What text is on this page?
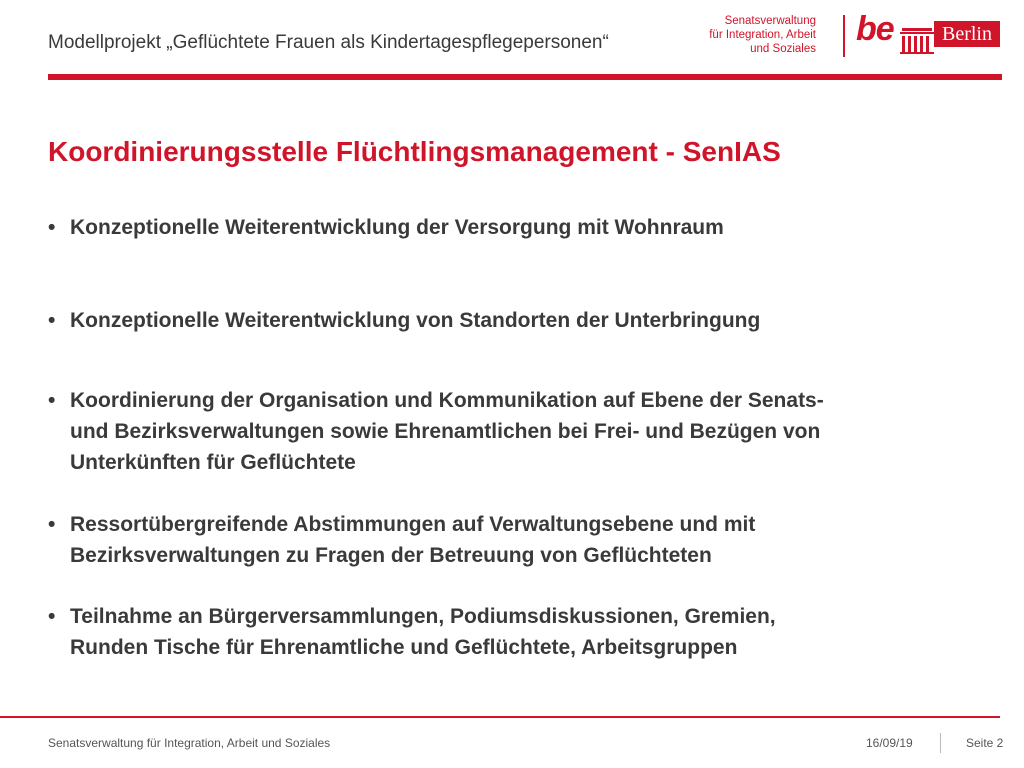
Modellprojekt „Geflüchtete Frauen als Kindertagespflegepersonen“
Senatsverwaltung
für Integration, Arbeit
und Soziales
be	Berlin
Koordinierungsstelle Flüchtlingsmanagement - SenIAS
• Konzeptionelle Weiterentwicklung der Versorgung mit Wohnraum
• Konzeptionelle Weiterentwicklung von Standorten der Unterbringung
• Koordinierung der Organisation und Kommunikation auf Ebene der Senats- und Bezirksverwaltungen sowie Ehrenamtlichen bei Frei- und Bezügen von Unterkünften für Geflüchtete
• Ressortübergreifende Abstimmungen auf Verwaltungsebene und mit Bezirksverwaltungen zu Fragen der Betreuung von Geflüchteten
• Teilnahme an Bürgerversammlungen, Podiumsdiskussionen, Gremien, Runden Tische für Ehrenamtliche und Geflüchtete, Arbeitsgruppen
Senatsverwaltung für Integration, Arbeit und Soziales	16/09/19	Seite 2
